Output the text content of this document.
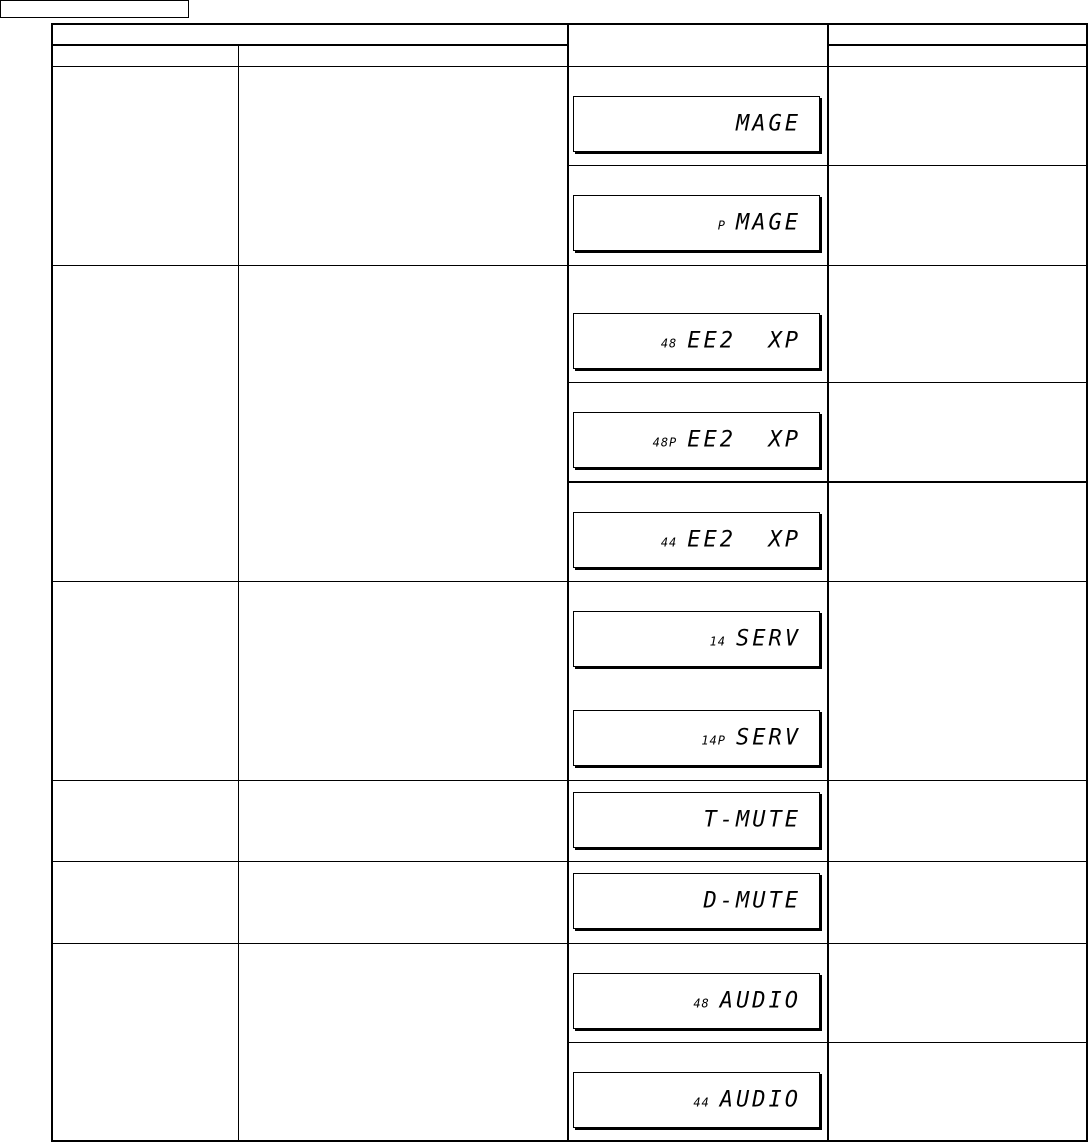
MAGE
P MAGE
48 EE2  XP
48P EE2  XP
44 EE2  XP
14 SERV
14P SERV
T-MUTE
D-MUTE
48 AUDIO
44 AUDIO
